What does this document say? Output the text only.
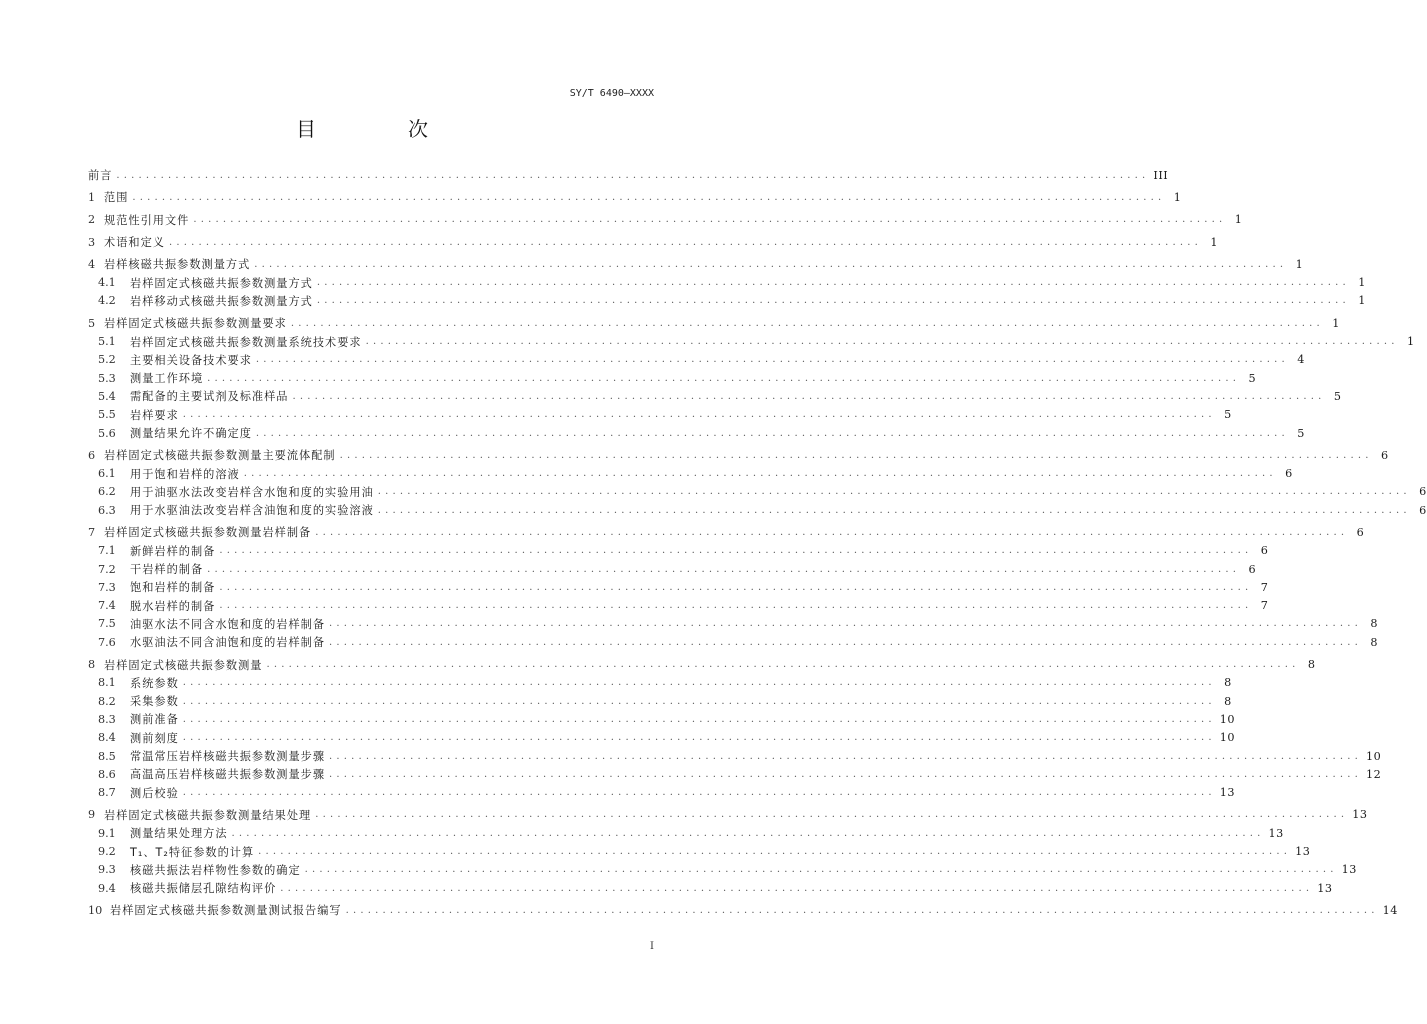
SY/T 6490—XXXX
目　次
前言 ............................................................................................................................................ III
1 范围 ............................................................................................................................................ 1
2 规范性引用文件 ............................................................................................................................................ 1
3 术语和定义 ............................................................................................................................................ 1
4 岩样核磁共振参数测量方式 ............................................................................................................................................ 1
4.1	岩样固定式核磁共振参数测量方式 ............................................................................................................................................ 1
4.2	岩样移动式核磁共振参数测量方式 ............................................................................................................................................ 1
5 岩样固定式核磁共振参数测量要求 ............................................................................................................................................ 1
5.1	岩样固定式核磁共振参数测量系统技术要求 ............................................................................................................................................ 1
5.2	主要相关设备技术要求 ............................................................................................................................................ 4
5.3	测量工作环境 ............................................................................................................................................ 5
5.4	需配备的主要试剂及标准样品 ............................................................................................................................................ 5
5.5	岩样要求 ............................................................................................................................................ 5
5.6	测量结果允许不确定度 ............................................................................................................................................ 5
6 岩样固定式核磁共振参数测量主要流体配制 ............................................................................................................................................ 6
6.1	用于饱和岩样的溶液 ............................................................................................................................................ 6
6.2	用于油驱水法改变岩样含水饱和度的实验用油 ............................................................................................................................................ 6
6.3	用于水驱油法改变岩样含油饱和度的实验溶液 ............................................................................................................................................ 6
7 岩样固定式核磁共振参数测量岩样制备 ............................................................................................................................................ 6
7.1	新鲜岩样的制备 ............................................................................................................................................ 6
7.2	干岩样的制备 ............................................................................................................................................ 6
7.3	饱和岩样的制备 ............................................................................................................................................ 7
7.4	脱水岩样的制备 ............................................................................................................................................ 7
7.5	油驱水法不同含水饱和度的岩样制备 ............................................................................................................................................ 8
7.6	水驱油法不同含油饱和度的岩样制备 ............................................................................................................................................ 8
8 岩样固定式核磁共振参数测量 ............................................................................................................................................ 8
8.1	系统参数 ............................................................................................................................................ 8
8.2	采集参数 ............................................................................................................................................ 8
8.3	测前准备 ............................................................................................................................................ 10
8.4	测前刻度 ............................................................................................................................................ 10
8.5	常温常压岩样核磁共振参数测量步骤 ............................................................................................................................................ 10
8.6	高温高压岩样核磁共振参数测量步骤 ............................................................................................................................................ 12
8.7	测后校验 ............................................................................................................................................ 13
9 岩样固定式核磁共振参数测量结果处理 ............................................................................................................................................ 13
9.1	测量结果处理方法 ............................................................................................................................................ 13
9.2	T₁、T₂特征参数的计算 ............................................................................................................................................ 13
9.3	核磁共振法岩样物性参数的确定 ............................................................................................................................................ 13
9.4	核磁共振储层孔隙结构评价 ............................................................................................................................................ 13
10 岩样固定式核磁共振参数测量测试报告编写 ............................................................................................................................................ 14
I
